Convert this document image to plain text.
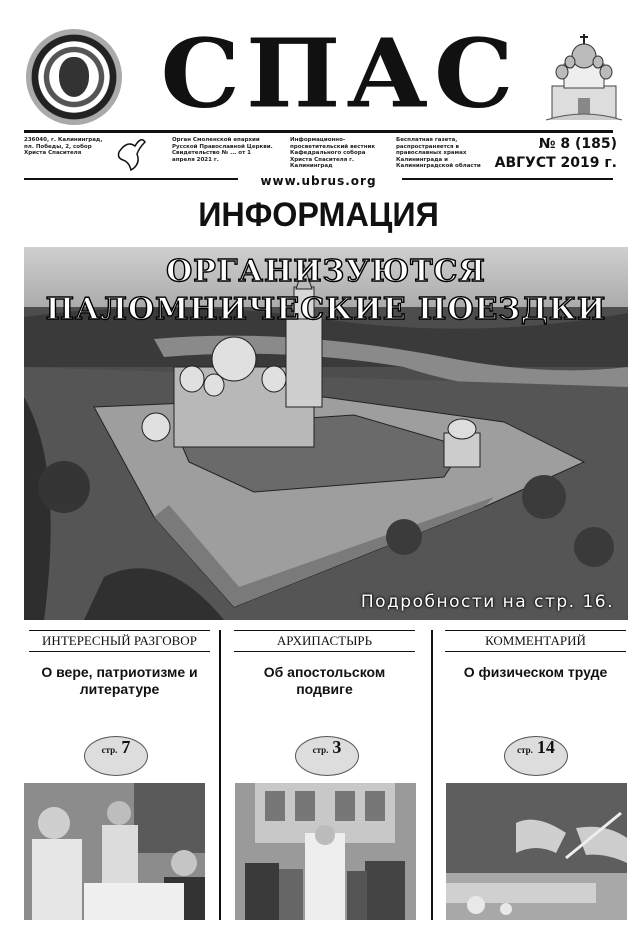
СПАС
236040, г. Калининград, пл. Победы, 2, собор Христа Спасителя
Орган Смоленской епархии Русской Православной Церкви. Свидетельство № ... от 1 апреля 2021 г.
Информационно-просветительский вестник Кафедрального собора Христа Спасителя г. Калининград
Бесплатная газета, распространяется в православных храмах Калининграда и Калининградской области
№ 8 (185)
АВГУСТ 2019 г.
www.ubrus.org
ИНФОРМАЦИЯ
ОРГАНИЗУЮТСЯ ПАЛОМНИЧЕСКИЕ ПОЕЗДКИ
Подробности на стр. 16.
ИНТЕРЕСНЫЙ РАЗГОВОР
О вере, патриотизме и литературе
стр. 7
АРХИПАСТЫРЬ
Об апостольском подвиге
стр. 3
КОММЕНТАРИЙ
О физическом труде
стр. 14
